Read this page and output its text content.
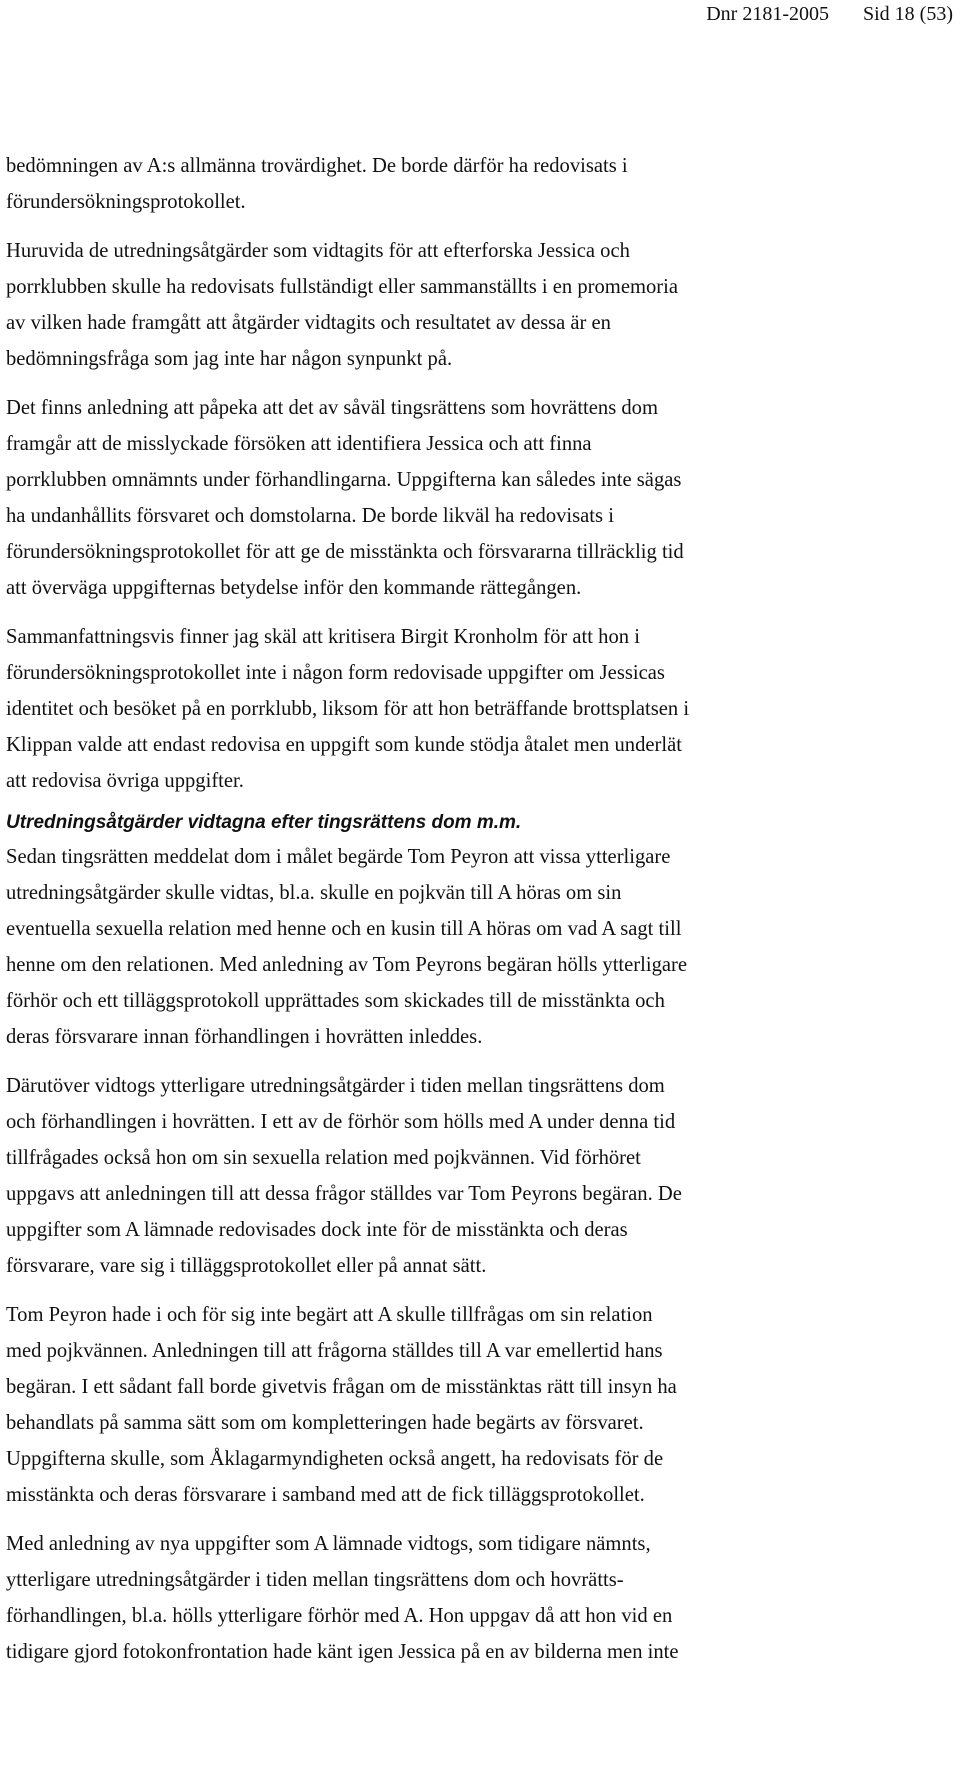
Dnr 2181-2005 Sid 18 (53)

bedömningen av A:s allmänna trovärdighet. De borde därför ha redovisats i
förundersökningsprotokollet.

Huruvida de utredningsåtgärder som vidtagits för att efterforska Jessica och
porrklubben skulle ha redovisats fullständigt eller sammanställts i en promemoria
av vilken hade framgått att åtgärder vidtagits och resultatet av dessa är en
bedömningsfråga som jag inte har någon synpunkt på.

Det finns anledning att påpeka att det av såväl tingsrättens som hovrättens dom
framgår att de misslyckade försöken att identifiera Jessica och att finna
porrklubben omnämnts under förhandlingarna. Uppgifterna kan således inte sägas
ha undanhållits försvaret och domstolarna. De borde likväl ha redovisats i
förundersökningsprotokollet för att ge de misstänkta och försvararna tillräcklig tid
att överväga uppgifternas betydelse inför den kommande rättegången.

Sammanfattningsvis finner jag skäl att kritisera Birgit Kronholm för att hon i
förundersökningsprotokollet inte i någon form redovisade uppgifter om Jessicas
identitet och besöket på en porrklubb, liksom för att hon beträffande brottsplatsen i
Klippan valde att endast redovisa en uppgift som kunde stödja åtalet men underlät
att redovisa övriga uppgifter.

Utredningsåtgärder vidtagna efter tingsrättens dom m.m.

Sedan tingsrätten meddelat dom i målet begärde Tom Peyron att vissa ytterligare
utredningsåtgärder skulle vidtas, bl.a. skulle en pojkvän till A höras om sin
eventuella sexuella relation med henne och en kusin till A höras om vad A sagt till
henne om den relationen. Med anledning av Tom Peyrons begäran hölls ytterligare
förhör och ett tilläggsprotokoll upprättades som skickades till de misstänkta och
deras försvarare innan förhandlingen i hovrätten inleddes.

Därutöver vidtogs ytterligare utredningsåtgärder i tiden mellan tingsrättens dom
och förhandlingen i hovrätten. I ett av de förhör som hölls med A under denna tid
tillfrågades också hon om sin sexuella relation med pojkvännen. Vid förhöret
uppgavs att anledningen till att dessa frågor ställdes var Tom Peyrons begäran. De
uppgifter som A lämnade redovisades dock inte för de misstänkta och deras
försvarare, vare sig i tilläggsprotokollet eller på annat sätt.

Tom Peyron hade i och för sig inte begärt att A skulle tillfrågas om sin relation
med pojkvännen. Anledningen till att frågorna ställdes till A var emellertid hans
begäran. I ett sådant fall borde givetvis frågan om de misstänktas rätt till insyn ha
behandlats på samma sätt som om kompletteringen hade begärts av försvaret.
Uppgifterna skulle, som Åklagarmyndigheten också angett, ha redovisats för de
misstänkta och deras försvarare i samband med att de fick tilläggsprotokollet.

Med anledning av nya uppgifter som A lämnade vidtogs, som tidigare nämnts,
ytterligare utredningsåtgärder i tiden mellan tingsrättens dom och hovrätts-
förhandlingen, bl.a. hölls ytterligare förhör med A. Hon uppgav då att hon vid en
tidigare gjord fotokonfrontation hade känt igen Jessica på en av bilderna men inte
